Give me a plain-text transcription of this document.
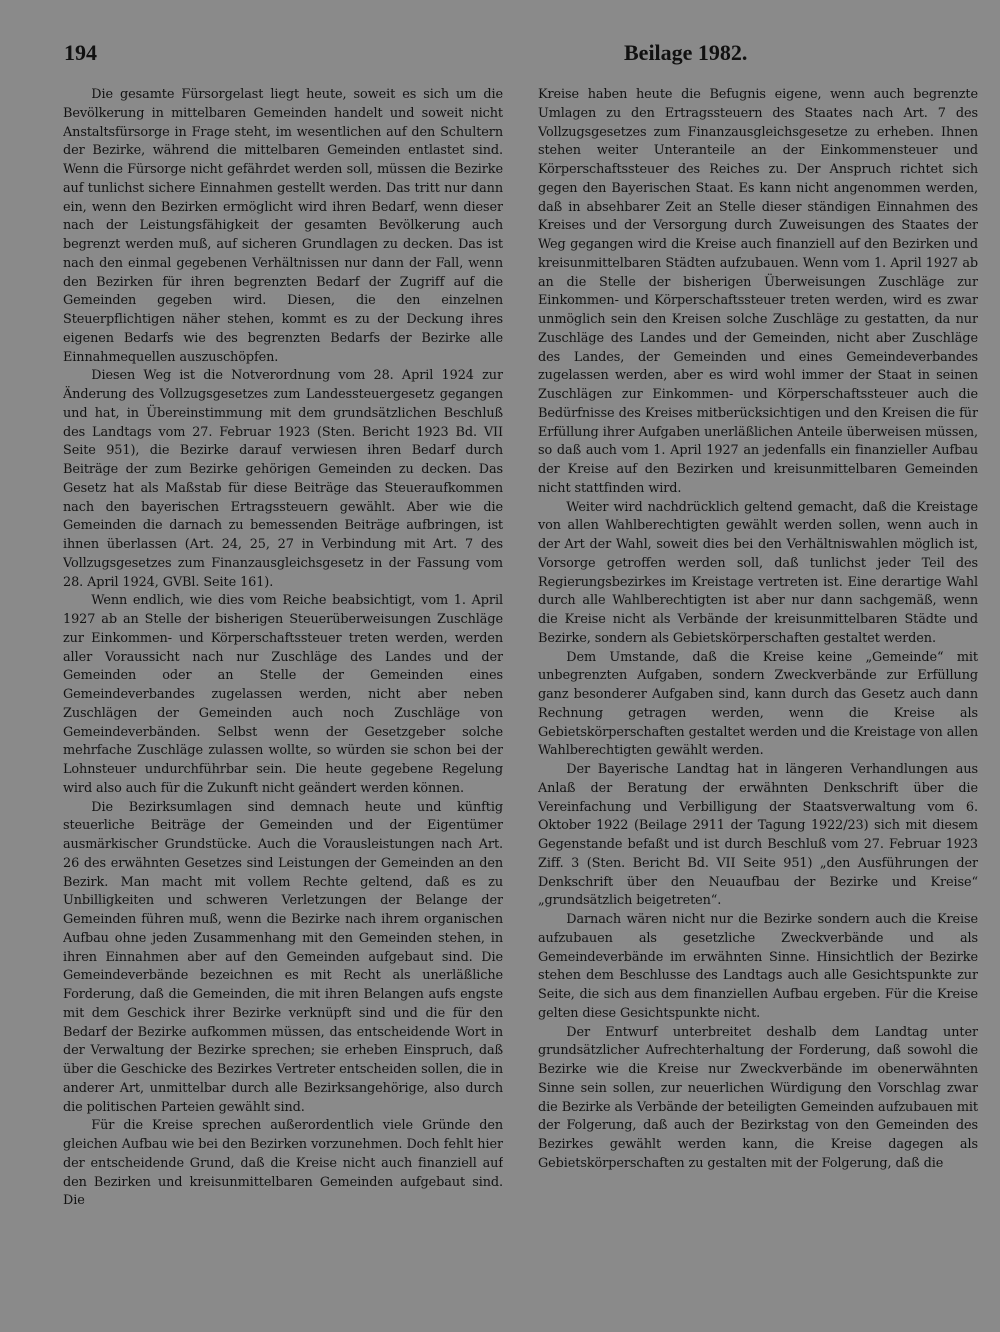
194	Beilage 1982.

Die gesamte Fürsorgelast liegt heute, soweit es sich um die Bevölkerung in mittelbaren Gemeinden handelt und soweit nicht Anstaltsfürsorge in Frage steht, im wesentlichen auf den Schultern der Bezirke, während die mittelbaren Gemeinden entlastet sind. Wenn die Fürsorge nicht gefährdet werden soll, müssen die Bezirke auf tunlichst sichere Einnahmen gestellt werden. Das tritt nur dann ein, wenn den Bezirken ermöglicht wird ihren Bedarf, wenn dieser nach der Leistungsfähigkeit der gesamten Bevölkerung auch begrenzt werden muß, auf sicheren Grundlagen zu decken. Das ist nach den einmal gegebenen Verhältnissen nur dann der Fall, wenn den Bezirken für ihren begrenzten Bedarf der Zugriff auf die Gemeinden gegeben wird. Diesen, die den einzelnen Steuerpflichtigen näher stehen, kommt es zu der Deckung ihres eigenen Bedarfs wie des begrenzten Bedarfs der Bezirke alle Einnahmequellen auszuschöpfen.

Diesen Weg ist die Notverordnung vom 28. April 1924 zur Änderung des Vollzugsgesetzes zum Landessteuergesetz gegangen und hat, in Übereinstimmung mit dem grundsätzlichen Beschluß des Landtags vom 27. Februar 1923 (Sten. Bericht 1923 Bd. VII Seite 951), die Bezirke darauf verwiesen ihren Bedarf durch Beiträge der zum Bezirke gehörigen Gemeinden zu decken. Das Gesetz hat als Maßstab für diese Beiträge das Steueraufkommen nach den bayerischen Ertragssteuern gewählt. Aber wie die Gemeinden die darnach zu bemessenden Beiträge aufbringen, ist ihnen überlassen (Art. 24, 25, 27 in Verbindung mit Art. 7 des Vollzugsgesetzes zum Finanzausgleichsgesetz in der Fassung vom 28. April 1924, GVBl. Seite 161).

Wenn endlich, wie dies vom Reiche beabsichtigt, vom 1. April 1927 ab an Stelle der bisherigen Steuerüberweisungen Zuschläge zur Einkommen- und Körperschaftssteuer treten werden, werden aller Voraussicht nach nur Zuschläge des Landes und der Gemeinden oder an Stelle der Gemeinden eines Gemeindeverbandes zugelassen werden, nicht aber neben Zuschlägen der Gemeinden auch noch Zuschläge von Gemeindeverbänden. Selbst wenn der Gesetzgeber solche mehrfache Zuschläge zulassen wollte, so würden sie schon bei der Lohnsteuer undurchführbar sein. Die heute gegebene Regelung wird also auch für die Zukunft nicht geändert werden können.

Die Bezirksumlagen sind demnach heute und künftig steuerliche Beiträge der Gemeinden und der Eigentümer ausmärkischer Grundstücke. Auch die Vorausleistungen nach Art. 26 des erwähnten Gesetzes sind Leistungen der Gemeinden an den Bezirk. Man macht mit vollem Rechte geltend, daß es zu Unbilligkeiten und schweren Verletzungen der Belange der Gemeinden führen muß, wenn die Bezirke nach ihrem organischen Aufbau ohne jeden Zusammenhang mit den Gemeinden stehen, in ihren Einnahmen aber auf den Gemeinden aufgebaut sind. Die Gemeindeverbände bezeichnen es mit Recht als unerläßliche Forderung, daß die Gemeinden, die mit ihren Belangen aufs engste mit dem Geschick ihrer Bezirke verknüpft sind und die für den Bedarf der Bezirke aufkommen müssen, das entscheidende Wort in der Verwaltung der Bezirke sprechen; sie erheben Einspruch, daß über die Geschicke des Bezirkes Vertreter entscheiden sollen, die in anderer Art, unmittelbar durch alle Bezirksangehörige, also durch die politischen Parteien gewählt sind.

Für die Kreise sprechen außerordentlich viele Gründe den gleichen Aufbau wie bei den Bezirken vorzunehmen. Doch fehlt hier der entscheidende Grund, daß die Kreise nicht auch finanziell auf den Bezirken und kreisunmittelbaren Gemeinden aufgebaut sind. Die

Kreise haben heute die Befugnis eigene, wenn auch begrenzte Umlagen zu den Ertragssteuern des Staates nach Art. 7 des Vollzugsgesetzes zum Finanzausgleichsgesetze zu erheben. Ihnen stehen weiter Unteranteile an der Einkommensteuer und Körperschaftssteuer des Reiches zu. Der Anspruch richtet sich gegen den Bayerischen Staat. Es kann nicht angenommen werden, daß in absehbarer Zeit an Stelle dieser ständigen Einnahmen des Kreises und der Versorgung durch Zuweisungen des Staates der Weg gegangen wird die Kreise auch finanziell auf den Bezirken und kreisunmittelbaren Städten aufzubauen. Wenn vom 1. April 1927 ab an die Stelle der bisherigen Überweisungen Zuschläge zur Einkommen- und Körperschaftssteuer treten werden, wird es zwar unmöglich sein den Kreisen solche Zuschläge zu gestatten, da nur Zuschläge des Landes und der Gemeinden, nicht aber Zuschläge des Landes, der Gemeinden und eines Gemeindeverbandes zugelassen werden, aber es wird wohl immer der Staat in seinen Zuschlägen zur Einkommen- und Körperschaftssteuer auch die Bedürfnisse des Kreises mitberücksichtigen und den Kreisen die für Erfüllung ihrer Aufgaben unerläßlichen Anteile überweisen müssen, so daß auch vom 1. April 1927 an jedenfalls ein finanzieller Aufbau der Kreise auf den Bezirken und kreisunmittelbaren Gemeinden nicht stattfinden wird.

Weiter wird nachdrücklich geltend gemacht, daß die Kreistage von allen Wahlberechtigten gewählt werden sollen, wenn auch in der Art der Wahl, soweit dies bei den Verhältniswahlen möglich ist, Vorsorge getroffen werden soll, daß tunlichst jeder Teil des Regierungsbezirkes im Kreistage vertreten ist. Eine derartige Wahl durch alle Wahlberechtigten ist aber nur dann sachgemäß, wenn die Kreise nicht als Verbände der kreisunmittelbaren Städte und Bezirke, sondern als Gebietskörperschaften gestaltet werden.

Dem Umstande, daß die Kreise keine „Gemeinde“ mit unbegrenzten Aufgaben, sondern Zweckverbände zur Erfüllung ganz besonderer Aufgaben sind, kann durch das Gesetz auch dann Rechnung getragen werden, wenn die Kreise als Gebietskörperschaften gestaltet werden und die Kreistage von allen Wahlberechtigten gewählt werden.

Der Bayerische Landtag hat in längeren Verhandlungen aus Anlaß der Beratung der erwähnten Denkschrift über die Vereinfachung und Verbilligung der Staatsverwaltung vom 6. Oktober 1922 (Beilage 2911 der Tagung 1922/23) sich mit diesem Gegenstande befaßt und ist durch Beschluß vom 27. Februar 1923 Ziff. 3 (Sten. Bericht Bd. VII Seite 951) „den Ausführungen der Denkschrift über den Neuaufbau der Bezirke und Kreise“ „grundsätzlich beigetreten“.

Darnach wären nicht nur die Bezirke sondern auch die Kreise aufzubauen als gesetzliche Zweckverbände und als Gemeindeverbände im erwähnten Sinne. Hinsichtlich der Bezirke stehen dem Beschlusse des Landtags auch alle Gesichtspunkte zur Seite, die sich aus dem finanziellen Aufbau ergeben. Für die Kreise gelten diese Gesichtspunkte nicht.

Der Entwurf unterbreitet deshalb dem Landtag unter grundsätzlicher Aufrechterhaltung der Forderung, daß sowohl die Bezirke wie die Kreise nur Zweckverbände im obenerwähnten Sinne sein sollen, zur neuerlichen Würdigung den Vorschlag zwar die Bezirke als Verbände der beteiligten Gemeinden aufzubauen mit der Folgerung, daß auch der Bezirkstag von den Gemeinden des Bezirkes gewählt werden kann, die Kreise dagegen als Gebietskörperschaften zu gestalten mit der Folgerung, daß die
